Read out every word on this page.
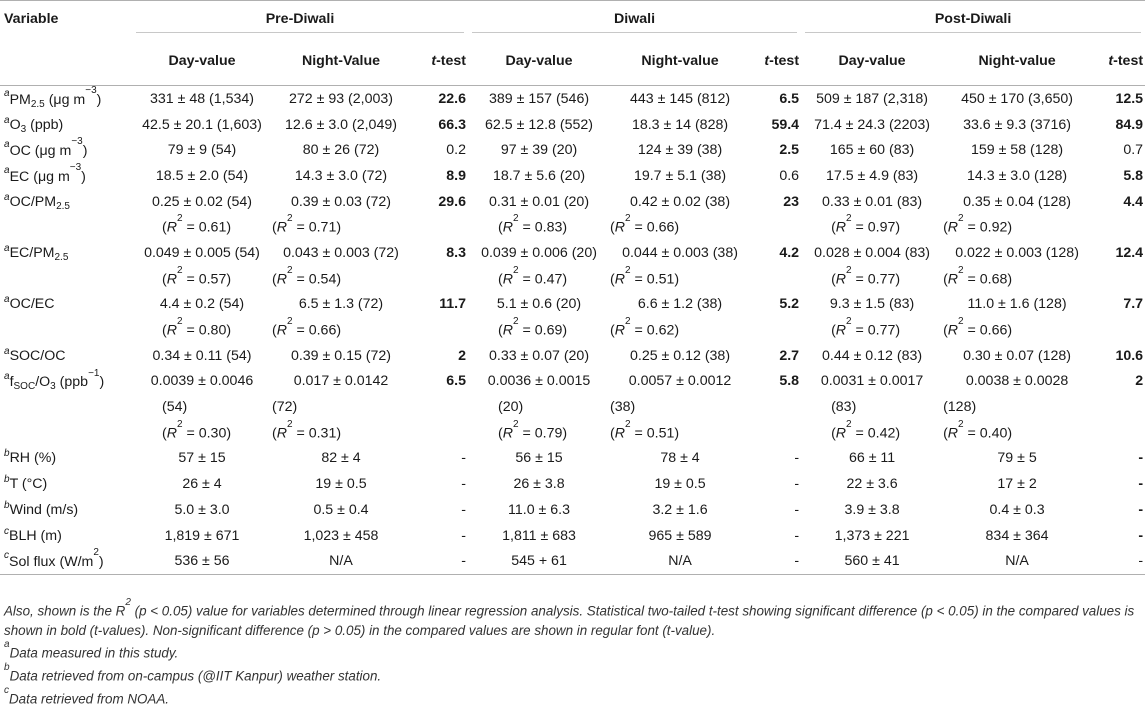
Variable	Pre-Diwali			Diwali			Post-Diwali		
	Day-value	Night-Value	t-test	Day-value	Night-value	t-test	Day-value	Night-value	t-test
$^aPM_{2.5}$ (μg $m^{-3}$)	331 ± 48 (1,534)	272 ± 93 (2,003)	22.6	389 ± 157 (546)	443 ± 145 (812)	6.5	509 ± 187 (2,318)	450 ± 170 (3,650)	12.5
$^aO_3$ (ppb)	42.5 ± 20.1 (1,603)	12.6 ± 3.0 (2,049)	66.3	62.5 ± 12.8 (552)	18.3 ± 14 (828)	59.4	71.4 ± 24.3 (2203)	33.6 ± 9.3 (3716)	84.9
$^a$OC (μg $m^{-3}$)	79 ± 9 (54)	80 ± 26 (72)	0.2	97 ± 39 (20)	124 ± 39 (38)	2.5	165 ± 60 (83)	159 ± 58 (128)	0.7
$^a$EC (μg $m^{-3}$)	18.5 ± 2.0 (54)	14.3 ± 3.0 (72)	8.9	18.7 ± 5.6 (20)	19.7 ± 5.1 (38)	0.6	17.5 ± 4.9 (83)	14.3 ± 3.0 (128)	5.8
$^aOC/PM_{2.5}$	0.25 ± 0.02 (54)	0.39 ± 0.03 (72)	29.6	0.31 ± 0.01 (20)	0.42 ± 0.02 (38)	23	0.33 ± 0.01 (83)	0.35 ± 0.04 (128)	4.4
	$(R^2 = 0.61)$	$(R^2 = 0.71)$		$(R^2 = 0.83)$	$(R^2 = 0.66)$		$(R^2 = 0.97)$	$(R^2 = 0.92)$	
$^aEC/PM_{2.5}$	0.049 ± 0.005 (54)	0.043 ± 0.003 (72)	8.3	0.039 ± 0.006 (20)	0.044 ± 0.003 (38)	4.2	0.028 ± 0.004 (83)	0.022 ± 0.003 (128)	12.4
	$(R^2 = 0.57)$	$(R^2 = 0.54)$		$(R^2 = 0.47)$	$(R^2 = 0.51)$		$(R^2 = 0.77)$	$(R^2 = 0.68)$	
$^a$OC/EC	4.4 ± 0.2 (54)	6.5 ± 1.3 (72)	11.7	5.1 ± 0.6 (20)	6.6 ± 1.2 (38)	5.2	9.3 ± 1.5 (83)	11.0 ± 1.6 (128)	7.7
	$(R^2 = 0.80)$	$(R^2 = 0.66)$		$(R^2 = 0.69)$	$(R^2 = 0.62)$		$(R^2 = 0.77)$	$(R^2 = 0.66)$	
$^a$SOC/OC	0.34 ± 0.11 (54)	0.39 ± 0.15 (72)	2	0.33 ± 0.07 (20)	0.25 ± 0.12 (38)	2.7	0.44 ± 0.12 (83)	0.30 ± 0.07 (128)	10.6
$^af_{SOC}/O_3$ (ppb$^{-1}$)	0.0039 ± 0.0046	0.017 ± 0.0142	6.5	0.0036 ± 0.0015	0.0057 ± 0.0012	5.8	0.0031 ± 0.0017	0.0038 ± 0.0028	2
	(54)	(72)		(20)	(38)		(83)	(128)	
	$(R^2 = 0.30)$	$(R^2 = 0.31)$		$(R^2 = 0.79)$	$(R^2 = 0.51)$		$(R^2 = 0.42)$	$(R^2 = 0.40)$	
$^b$RH (%)	57 ± 15	82 ± 4	-	56 ± 15	78 ± 4	-	66 ± 11	79 ± 5	-
$^b$T (°C)	26 ± 4	19 ± 0.5	-	26 ± 3.8	19 ± 0.5	-	22 ± 3.6	17 ± 2	-
$^b$Wind (m/s)	5.0 ± 3.0	0.5 ± 0.4	-	11.0 ± 6.3	3.2 ± 1.6	-	3.9 ± 3.8	0.4 ± 0.3	-
$^c$BLH (m)	1,819 ± 671	1,023 ± 458	-	1,811 ± 683	965 ± 589	-	1,373 ± 221	834 ± 364	-
$^c$Sol flux $(W/m^2)$	536 ± 56	N/A	-	545 + 61	N/A	-	560 ± 41	N/A	-

Also, shown is the $R^2$ (p < 0.05) value for variables determined through linear regression analysis. Statistical two-tailed t-test showing significant difference (p < 0.05) in the compared values is shown in bold (t-values). Non-significant difference (p > 0.05) in the compared values are shown in regular font (t-value).

$^a$Data measured in this study.

$^b$Data retrieved from on-campus (@IIT Kanpur) weather station.

$^c$Data retrieved from NOAA.
